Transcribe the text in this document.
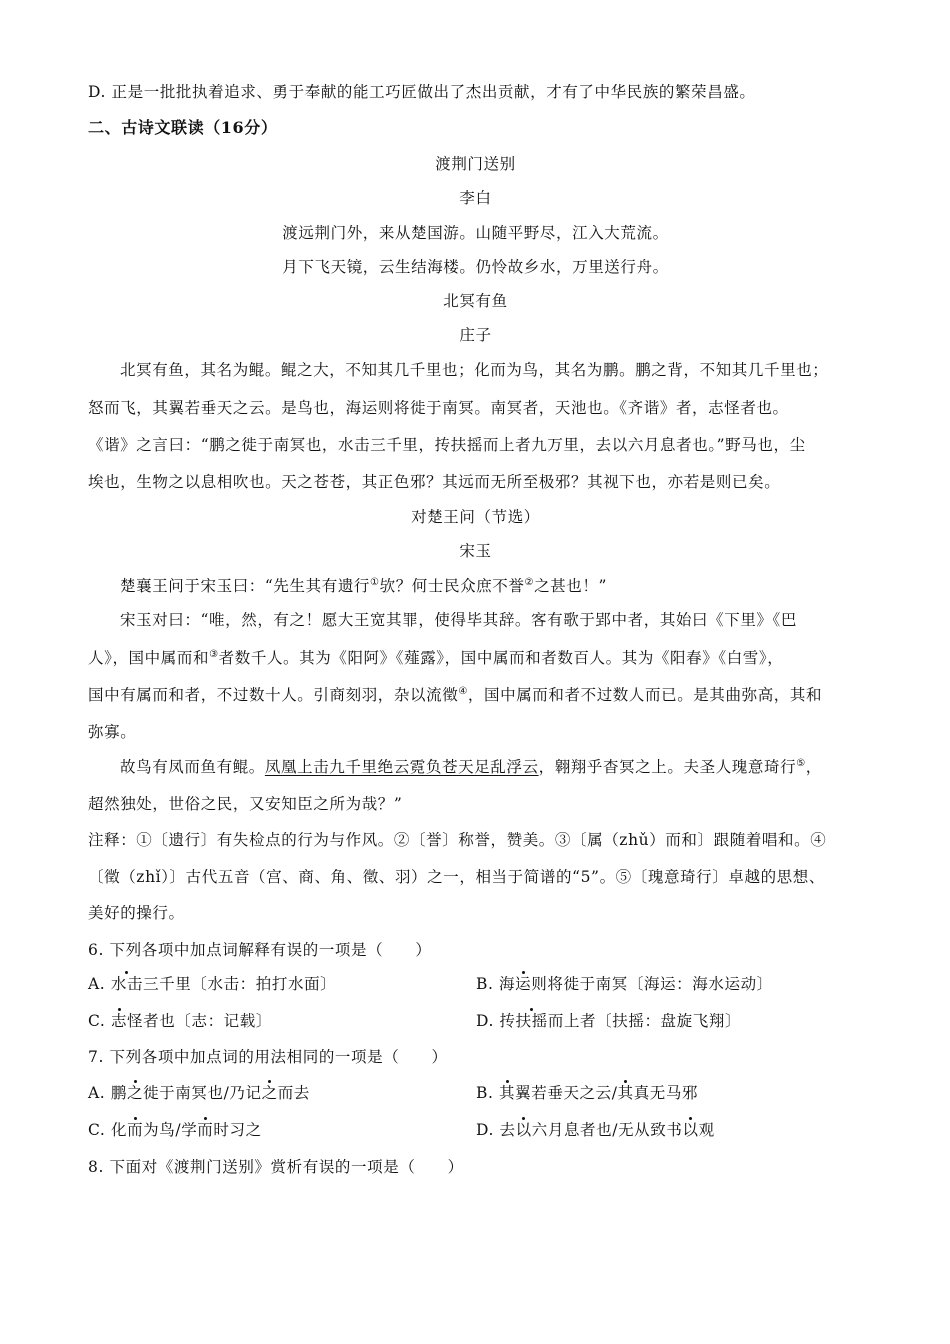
D. 正是一批批执着追求、勇于奉献的能工巧匠做出了杰出贡献，才有了中华民族的繁荣昌盛。
二、古诗文联读（16分）
渡荆门送别
李白
渡远荆门外，来从楚国游。山随平野尽，江入大荒流。
月下飞天镜，云生结海楼。仍怜故乡水，万里送行舟。
北冥有鱼
庄子
北冥有鱼，其名为鲲。鲲之大，不知其几千里也；化而为鸟，其名为鹏。鹏之背，不知其几千里也；
怒而飞，其翼若垂天之云。是鸟也，海运则将徙于南冥。南冥者，天池也。《齐谐》者，志怪者也。
《谐》之言曰：“鹏之徙于南冥也，水击三千里，抟扶摇而上者九万里，去以六月息者也。”野马也，尘
埃也，生物之以息相吹也。天之苍苍，其正色邪？其远而无所至极邪？其视下也，亦若是则已矣。
对楚王问（节选）
宋玉
楚襄王问于宋玉曰：“先生其有遗行①欤？何士民众庶不誉②之甚也！”
宋玉对曰：“唯，然，有之！愿大王宽其罪，使得毕其辞。客有歌于郢中者，其始曰《下里》《巴
人》，国中属而和③者数千人。其为《阳阿》《薤露》，国中属而和者数百人。其为《阳春》《白雪》，
国中有属而和者，不过数十人。引商刻羽，杂以流徵④，国中属而和者不过数人而已。是其曲弥高，其和
弥寡。
故鸟有凤而鱼有鲲。凤凰上击九千里绝云霓负苍天足乱浮云，翱翔乎杳冥之上。夫圣人瑰意琦行⑤，
超然独处，世俗之民，又安知臣之所为哉？”
注释：①〔遗行〕有失检点的行为与作风。②〔誉〕称誉，赞美。③〔属（zhǔ）而和〕跟随着唱和。④
〔徵（zhǐ）〕古代五音（宫、商、角、徵、羽）之一，相当于简谱的“5”。⑤〔瑰意琦行〕卓越的思想、
美好的操行。
6. 下列各项中加点词解释有误的一项是（　　）
A. 水击三千里〔水击：拍打水面〕	B. 海运则将徙于南冥〔海运：海水运动〕
C. 志怪者也〔志：记载〕	D. 抟扶摇而上者〔扶摇：盘旋飞翔〕
7. 下列各项中加点词的用法相同的一项是（　　）
A. 鹏之徙于南冥也/乃记之而去	B. 其翼若垂天之云/其真无马邪
C. 化而为鸟/学而时习之	D. 去以六月息者也/无从致书以观
8. 下面对《渡荆门送别》赏析有误的一项是（　　）
